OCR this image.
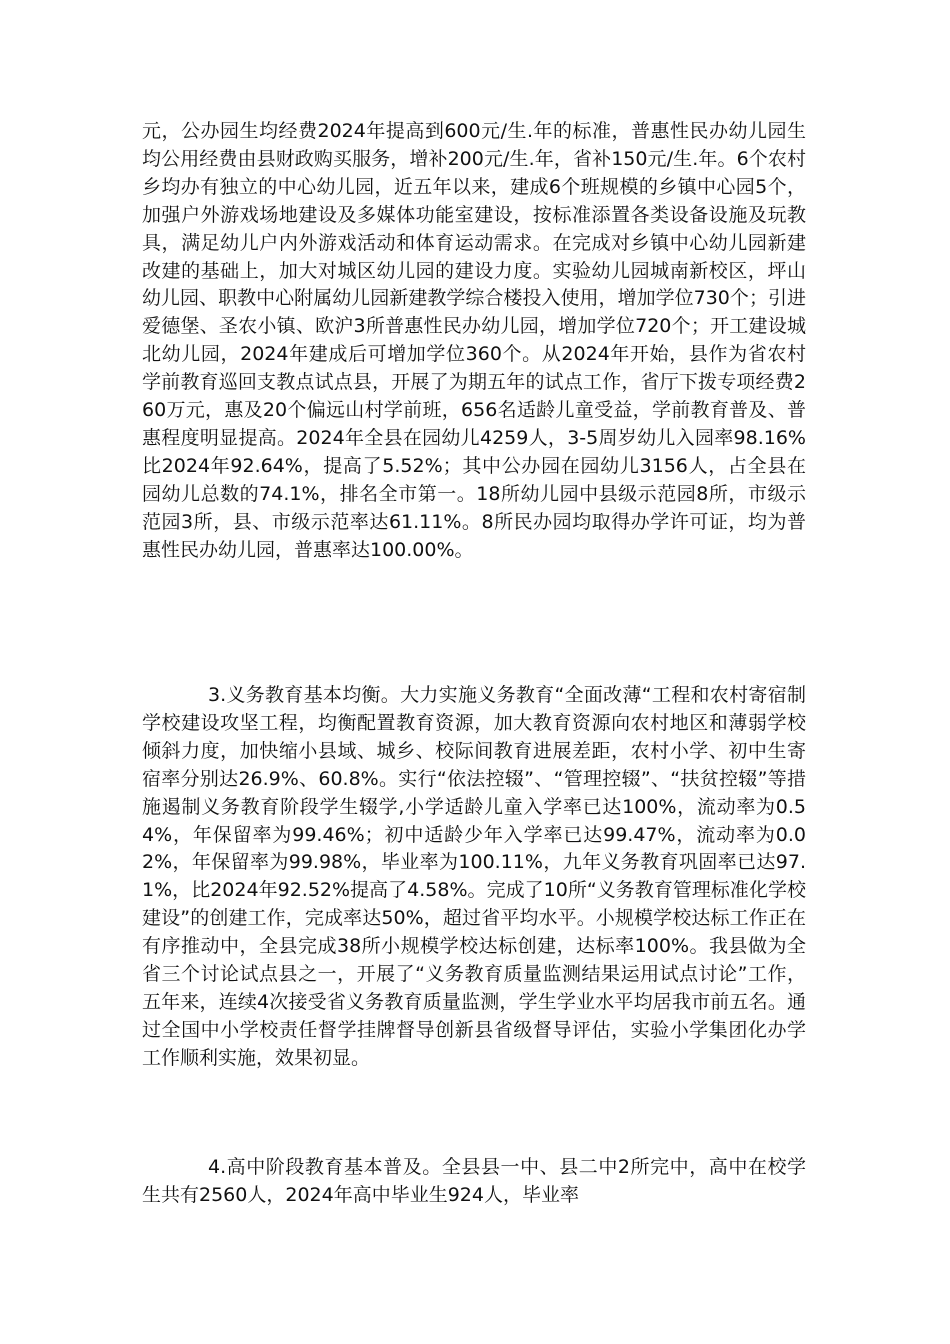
元，公办园生均经费2024年提高到600元/生.年的标准，普惠性民办幼儿园生均公用经费由县财政购买服务，增补200元/生.年，省补150元/生.年。6个农村乡均办有独立的中心幼儿园，近五年以来，建成6个班规模的乡镇中心园5个，加强户外游戏场地建设及多媒体功能室建设，按标准添置各类设备设施及玩教具，满足幼儿户内外游戏活动和体育运动需求。在完成对乡镇中心幼儿园新建改建的基础上，加大对城区幼儿园的建设力度。实验幼儿园城南新校区，坪山幼儿园、职教中心附属幼儿园新建教学综合楼投入使用，增加学位730个；引进爱德堡、圣农小镇、欧沪3所普惠性民办幼儿园，增加学位720个；开工建设城北幼儿园，2024年建成后可增加学位360个。从2024年开始，县作为省农村学前教育巡回支教点试点县，开展了为期五年的试点工作，省厅下拨专项经费260万元，惠及20个偏远山村学前班，656名适龄儿童受益，学前教育普及、普惠程度明显提高。2024年全县在园幼儿4259人，3-5周岁幼儿入园率98.16%比2024年92.64%，提高了5.52%；其中公办园在园幼儿3156人，占全县在园幼儿总数的74.1%，排名全市第一。18所幼儿园中县级示范园8所，市级示范园3所，县、市级示范率达61.11%。8所民办园均取得办学许可证，均为普惠性民办幼儿园，普惠率达100.00%。

3.义务教育基本均衡。大力实施义务教育“全面改薄“工程和农村寄宿制学校建设攻坚工程，均衡配置教育资源，加大教育资源向农村地区和薄弱学校倾斜力度，加快缩小县域、城乡、校际间教育进展差距，农村小学、初中生寄宿率分别达26.9%、60.8%。实行“依法控辍”、“管理控辍”、“扶贫控辍”等措施遏制义务教育阶段学生辍学,小学适龄儿童入学率已达100%，流动率为0.54%，年保留率为99.46%；初中适龄少年入学率已达99.47%，流动率为0.02%，年保留率为99.98%，毕业率为100.11%，九年义务教育巩固率已达97.1%，比2024年92.52%提高了4.58%。完成了10所“义务教育管理标准化学校建设”的创建工作，完成率达50%，超过省平均水平。小规模学校达标工作正在有序推动中，全县完成38所小规模学校达标创建，达标率100%。我县做为全省三个讨论试点县之一，开展了“义务教育质量监测结果运用试点讨论”工作，五年来，连续4次接受省义务教育质量监测，学生学业水平均居我市前五名。通过全国中小学校责任督学挂牌督导创新县省级督导评估，实验小学集团化办学工作顺利实施，效果初显。

4.高中阶段教育基本普及。全县县一中、县二中2所完中，高中在校学生共有2560人，2024年高中毕业生924人，毕业率
